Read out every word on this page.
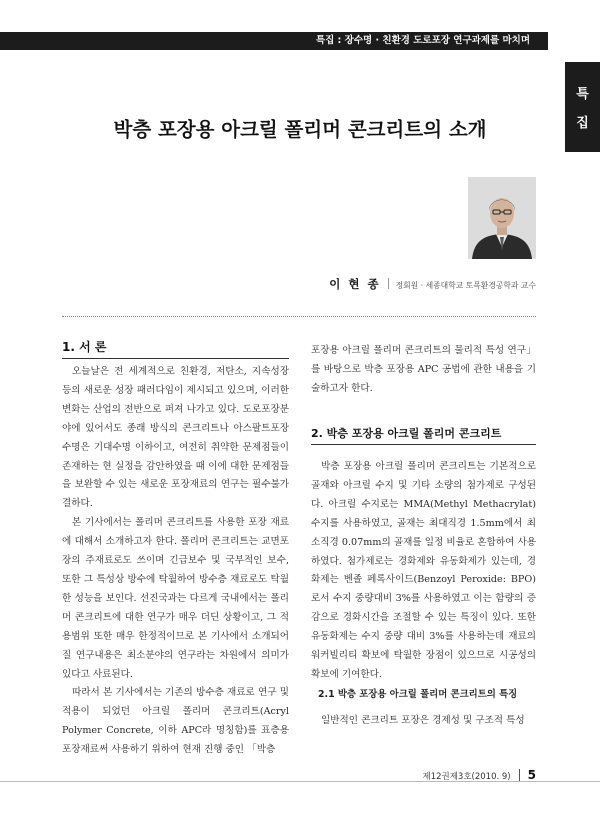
특집 : 장수명 · 친환경 도로포장 연구과제를 마치며
특
집
박층 포장용 아크릴 폴리머 콘크리트의 소개
이 현 종 정회원 · 세종대학교 토목환경공학과 교수
1. 서 론

오늘날은 전 세계적으로 친환경, 저탄소, 지속성장 등의 새로운 성장 패러다임이 제시되고 있으며, 이러한 변화는 산업의 전반으로 퍼져 나가고 있다. 도로포장분야에 있어서도 종래 방식의 콘크리트나 아스팔트포장 수명은 기대수명 이하이고, 여전히 취약한 문제점들이 존재하는 현 실정을 감안하였을 때 이에 대한 문제점들을 보완할 수 있는 새로운 포장재료의 연구는 필수불가결하다.

본 기사에서는 폴리머 콘크리트를 사용한 포장 재료에 대해서 소개하고자 한다. 폴리머 콘크리트는 교면포장의 주재료로도 쓰이며 긴급보수 및 국부적인 보수, 또한 그 특성상 방수에 탁월하여 방수층 재료로도 탁월한 성능을 보인다. 선진국과는 다르게 국내에서는 폴리머 콘크리트에 대한 연구가 매우 더딘 상황이고, 그 적용범위 또한 매우 한정적이므로 본 기사에서 소개되어질 연구내용은 최소분야의 연구라는 차원에서 의미가 있다고 사료된다.

따라서 본 기사에서는 기존의 방수층 재료로 연구 및 적용이 되었던 아크릴 폴리머 콘크리트(Acryl Polymer Concrete, 이하 APC라 명칭함)를 표층용 포장재료써 사용하기 위하여 현재 진행 중인 「박층

포장용 아크릴 폴리머 콘크리트의 물리적 특성 연구」를 바탕으로 박층 포장용 APC 공법에 관한 내용을 기술하고자 한다.

2. 박층 포장용 아크릴 폴리머 콘크리트

박층 포장용 아크릴 폴리머 콘크리트는 기본적으로 골재와 아크릴 수지 및 기타 소량의 첨가제로 구성된다. 아크릴 수지로는 MMA(Methyl Methacrylat)수지를 사용하였고, 골재는 최대직경 1.5mm에서 최소직경 0.07mm의 골재를 일정 비율로 혼합하여 사용하였다. 첨가제로는 경화제와 유동화제가 있는데, 경화제는 벤졸 페록사이드(Benzoyl Peroxide: BPO)로서 수지 중량대비 3%를 사용하였고 이는 함량의 증감으로 경화시간을 조절할 수 있는 특징이 있다. 또한 유동화제는 수지 중량 대비 3%를 사용하는데 재료의 워커빌리티 확보에 탁월한 장점이 있으므로 시공성의 확보에 기여한다.

2.1 박층 포장용 아크릴 폴리머 콘크리트의 특징

일반적인 콘크리트 포장은 경제성 및 구조적 특성

제12권제3호(2010. 9) 5
